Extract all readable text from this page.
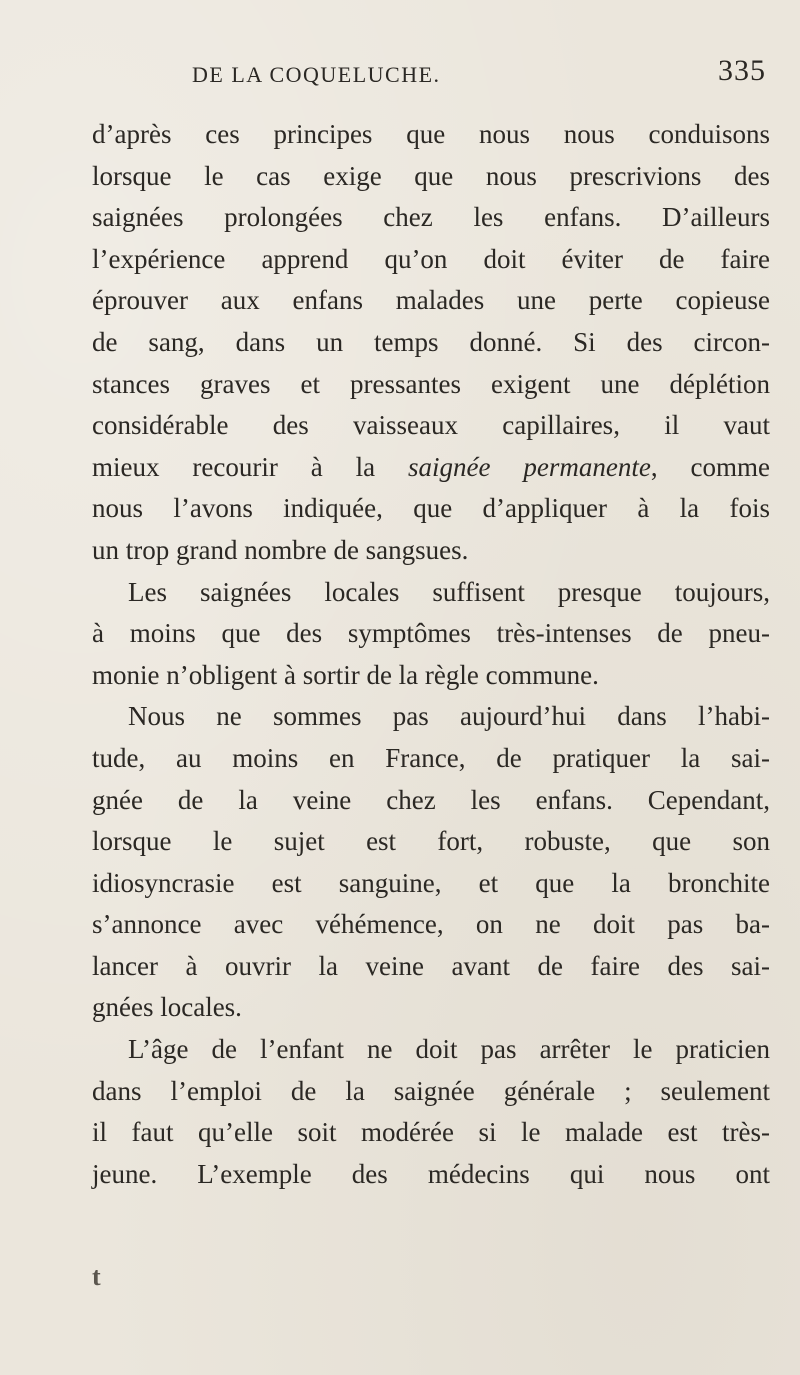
DE LA COQUELUCHE.	335
d’après ces principes que nous nous conduisons
lorsque le cas exige que nous prescrivions des
saignées prolongées chez les enfans. D’ailleurs
l’expérience apprend qu’on doit éviter de faire
éprouver aux enfans malades une perte copieuse
de sang, dans un temps donné. Si des circon-
stances graves et pressantes exigent une déplétion
considérable des vaisseaux capillaires, il vaut
mieux recourir à la saignée permanente, comme
nous l’avons indiquée, que d’appliquer à la fois
un trop grand nombre de sangsues.
Les saignées locales suffisent presque toujours,
à moins que des symptômes très-intenses de pneu-
monie n’obligent à sortir de la règle commune.
Nous ne sommes pas aujourd’hui dans l’habi-
tude, au moins en France, de pratiquer la sai-
gnée de la veine chez les enfans. Cependant,
lorsque le sujet est fort, robuste, que son
idiosyncrasie est sanguine, et que la bronchite
s’annonce avec véhémence, on ne doit pas ba-
lancer à ouvrir la veine avant de faire des sai-
gnées locales.
L’âge de l’enfant ne doit pas arrêter le praticien
dans l’emploi de la saignée générale ; seulement
il faut qu’elle soit modérée si le malade est très-
jeune. L’exemple des médecins qui nous ont
t
